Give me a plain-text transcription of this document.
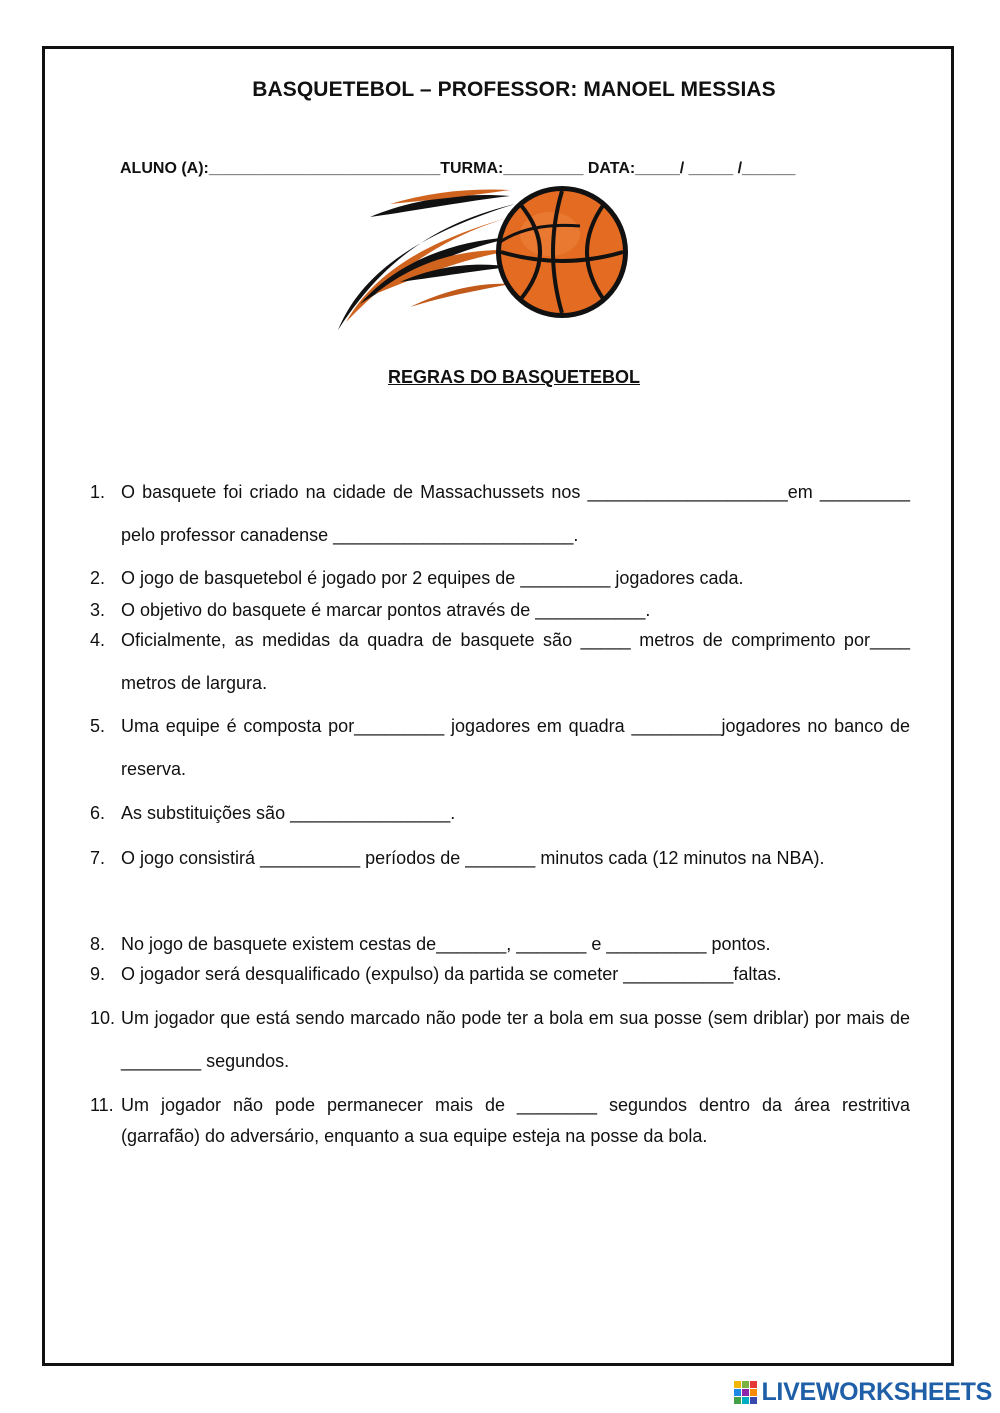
BASQUETEBOL – PROFESSOR: MANOEL MESSIAS
ALUNO (A):__________________________TURMA:_________ DATA:_____/ _____ /______
REGRAS DO BASQUETEBOL
1. O basquete foi criado na cidade de Massachussets nos ____________________em _________ pelo professor canadense ________________________.
2. O jogo de basquetebol é jogado por 2 equipes de _________ jogadores cada.
3. O objetivo do basquete é marcar pontos através de ___________.
4. Oficialmente, as medidas da quadra de basquete são _____ metros de comprimento por____ metros de largura.
5. Uma equipe é composta por_________ jogadores em quadra _________jogadores no banco de reserva.
6. As substituições são ________________.
7. O jogo consistirá __________ períodos de _______ minutos cada (12 minutos na NBA).
8. No jogo de basquete existem cestas de_______, _______ e __________ pontos.
9. O jogador será desqualificado (expulso) da partida se cometer ___________faltas.
10. Um jogador que está sendo marcado não pode ter a bola em sua posse (sem driblar) por mais de ________ segundos.
11. Um jogador não pode permanecer mais de ________ segundos dentro da área restritiva (garrafão) do adversário, enquanto a sua equipe esteja na posse da bola.
LIVEWORKSHEETS
